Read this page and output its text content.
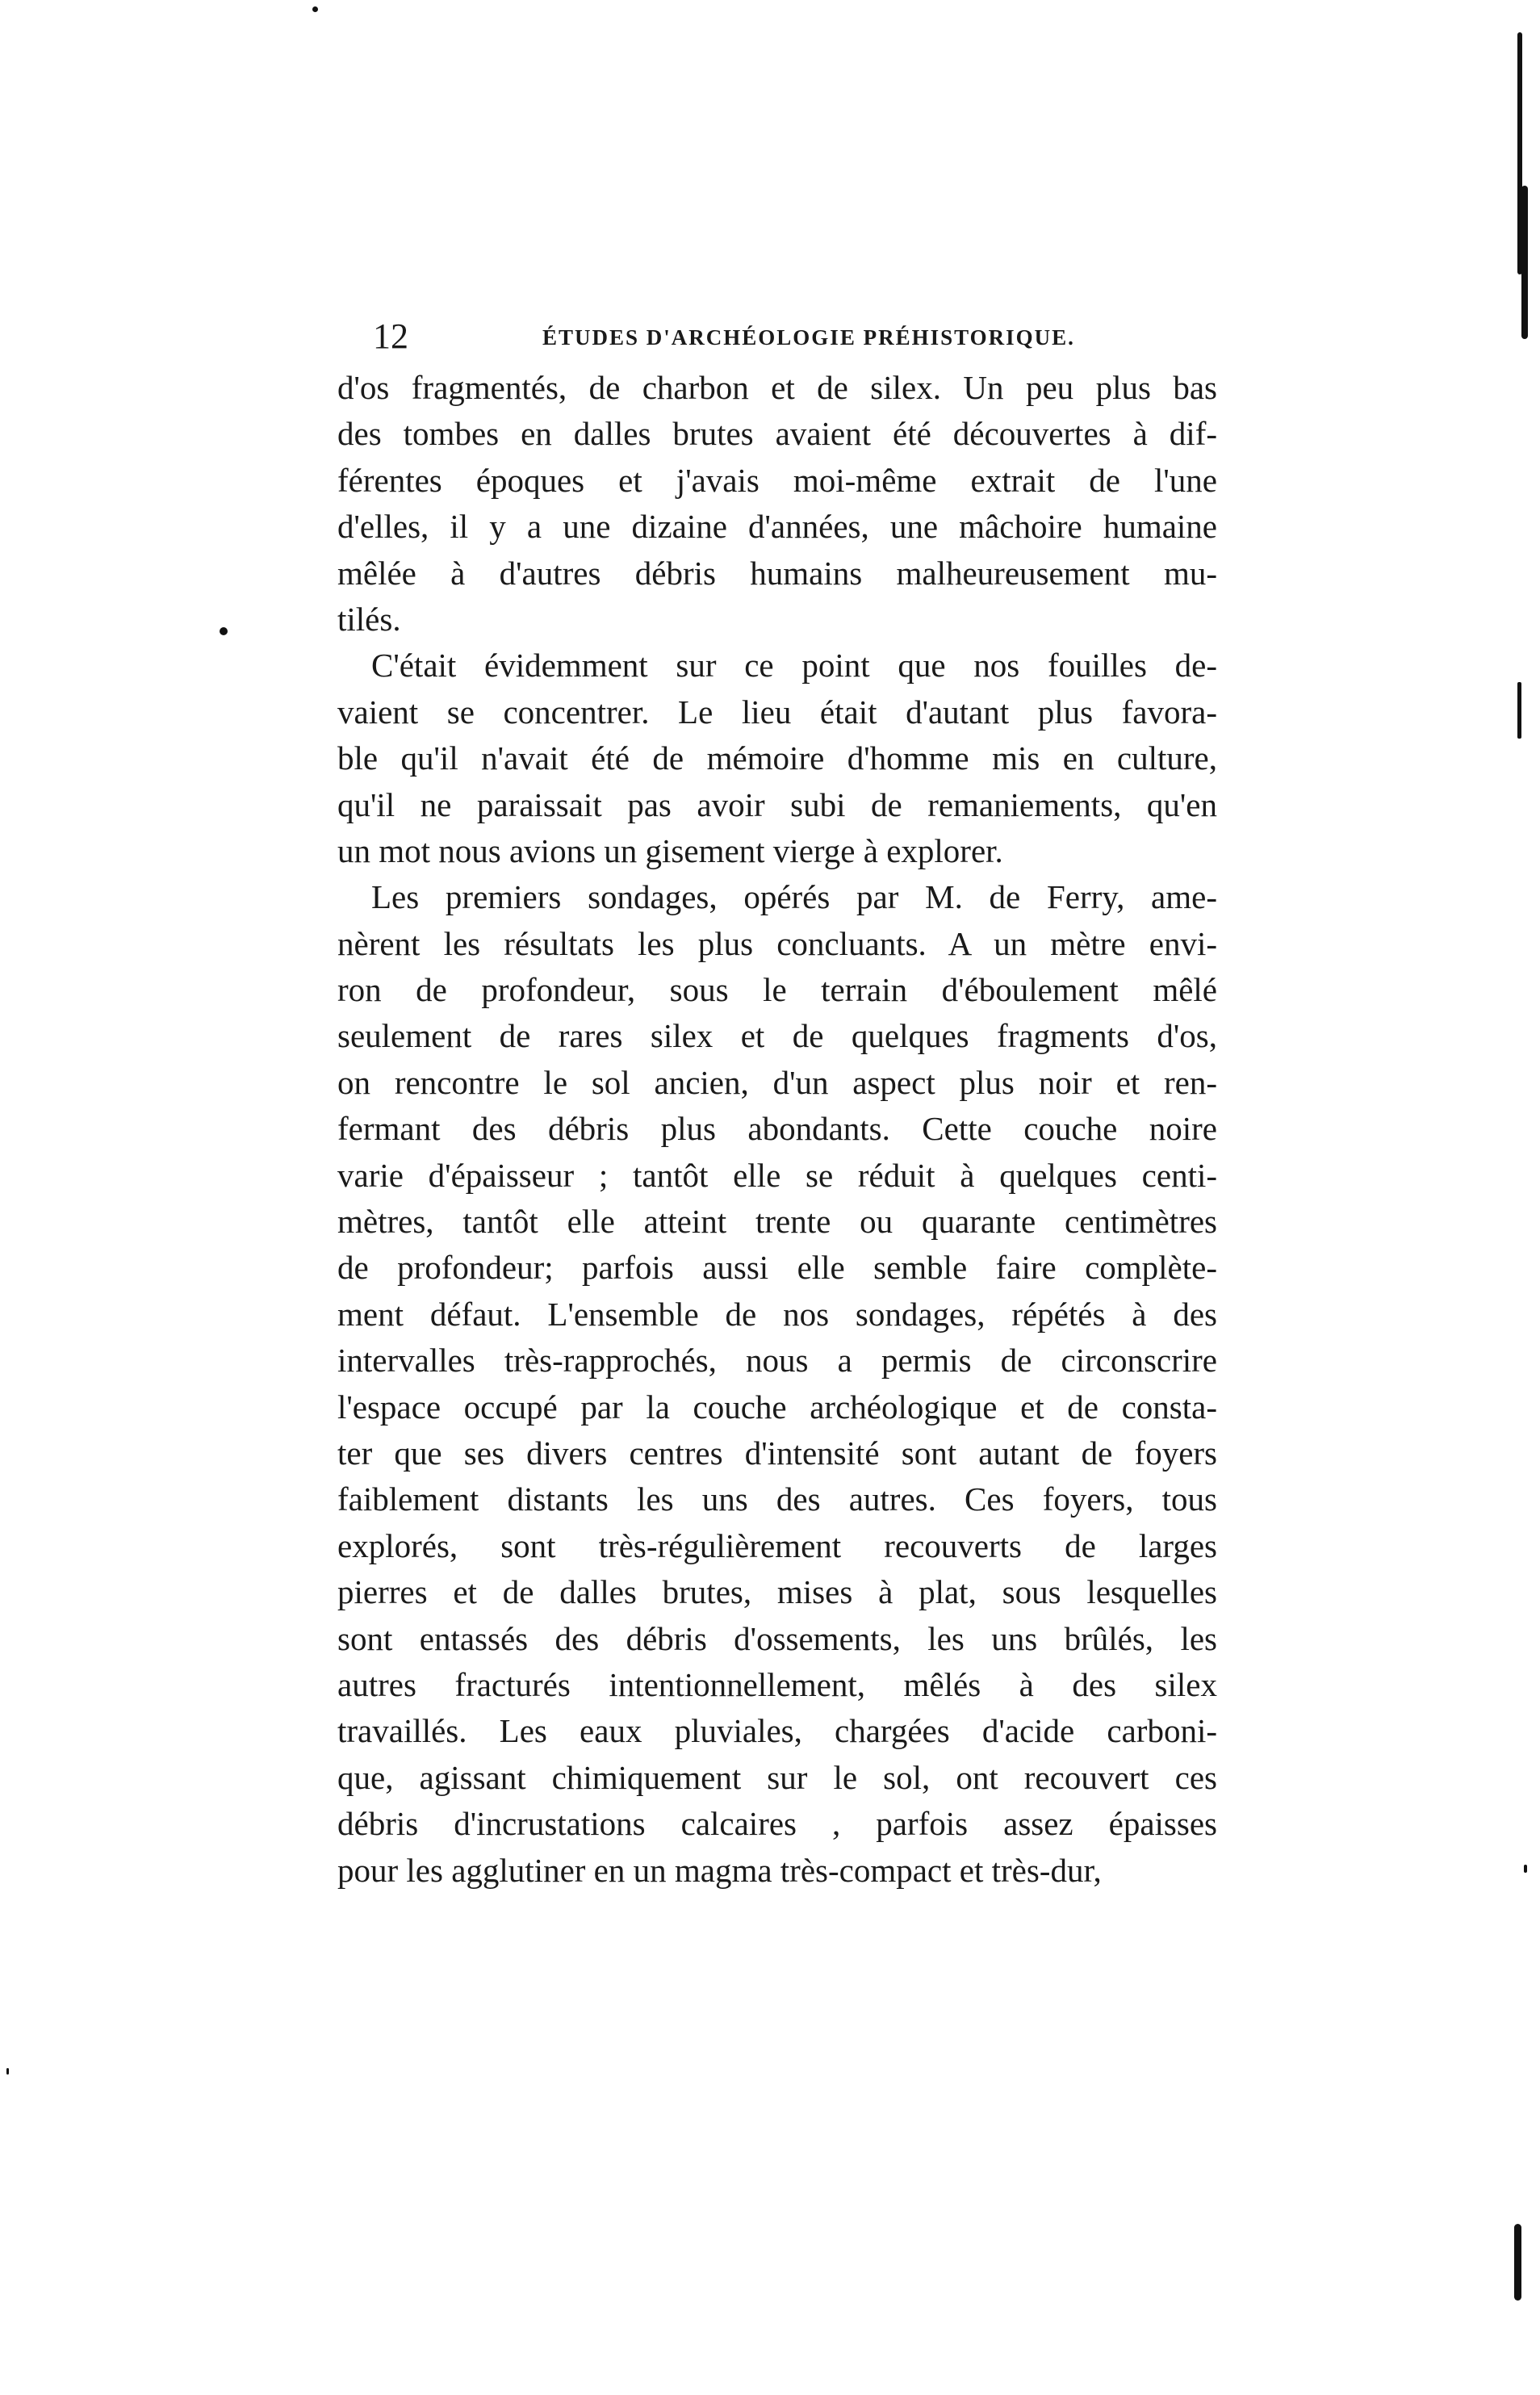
12	ÉTUDES D'ARCHÉOLOGIE PRÉHISTORIQUE.
d'os fragmentés, de charbon et de silex. Un peu plus bas
des tombes en dalles brutes avaient été découvertes à dif-
férentes époques et j'avais moi-même extrait de l'une
d'elles, il y a une dizaine d'années, une mâchoire humaine
mêlée à d'autres débris humains malheureusement mu-
tilés.
C'était évidemment sur ce point que nos fouilles de-
vaient se concentrer. Le lieu était d'autant plus favora-
ble qu'il n'avait été de mémoire d'homme mis en culture,
qu'il ne paraissait pas avoir subi de remaniements, qu'en
un mot nous avions un gisement vierge à explorer.
Les premiers sondages, opérés par M. de Ferry, ame-
nèrent les résultats les plus concluants. A un mètre envi-
ron de profondeur, sous le terrain d'éboulement mêlé
seulement de rares silex et de quelques fragments d'os,
on rencontre le sol ancien, d'un aspect plus noir et ren-
fermant des débris plus abondants. Cette couche noire
varie d'épaisseur ; tantôt elle se réduit à quelques centi-
mètres, tantôt elle atteint trente ou quarante centimètres
de profondeur; parfois aussi elle semble faire complète-
ment défaut. L'ensemble de nos sondages, répétés à des
intervalles très-rapprochés, nous a permis de circonscrire
l'espace occupé par la couche archéologique et de consta-
ter que ses divers centres d'intensité sont autant de foyers
faiblement distants les uns des autres. Ces foyers, tous
explorés, sont très-régulièrement recouverts de larges
pierres et de dalles brutes, mises à plat, sous lesquelles
sont entassés des débris d'ossements, les uns brûlés, les
autres fracturés intentionnellement, mêlés à des silex
travaillés. Les eaux pluviales, chargées d'acide carboni-
que, agissant chimiquement sur le sol, ont recouvert ces
débris d'incrustations calcaires , parfois assez épaisses
pour les agglutiner en un magma très-compact et très-dur,
